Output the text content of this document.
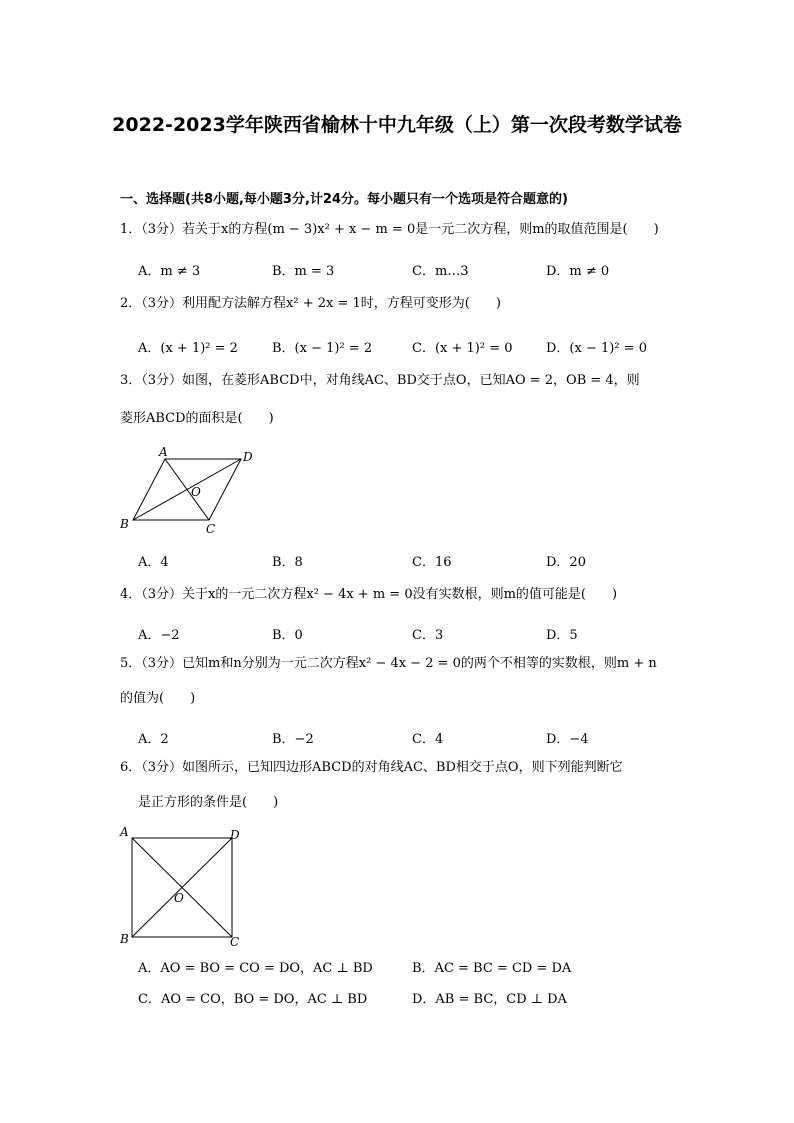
2022-2023学年陕西省榆林十中九年级（上）第一次段考数学试卷
一、选择题(共8小题,每小题3分,计24分。每小题只有一个选项是符合题意的)
1．（3分）若关于x的方程(m − 3)x² + x − m = 0是一元二次方程，则m的取值范围是(　　)
A．m ≠ 3	B．m = 3	C．m…3	D．m ≠ 0
2．（3分）利用配方法解方程x² + 2x = 1时，方程可变形为(　　)
A．(x + 1)² = 2	B．(x − 1)² = 2	C．(x + 1)² = 0	D．(x − 1)² = 0
3．（3分）如图，在菱形ABCD中，对角线AC、BD交于点O，已知AO = 2，OB = 4，则
菱形ABCD的面积是(　　)
A	D
O
B	C
A．4	B．8	C．16	D．20
4．（3分）关于x的一元二次方程x² − 4x + m = 0没有实数根，则m的值可能是(　　)
A．−2	B．0	C．3	D．5
5．（3分）已知m和n分别为一元二次方程x² − 4x − 2 = 0的两个不相等的实数根，则m + n
的值为(　　)
A．2	B．−2	C．4	D．−4
6．（3分）如图所示，已知四边形ABCD的对角线AC、BD相交于点O，则下列能判断它
是正方形的条件是(　　)
A	D
O
B	C
A．AO = BO = CO = DO，AC ⊥ BD	B．AC = BC = CD = DA
C．AO = CO，BO = DO，AC ⊥ BD	D．AB = BC，CD ⊥ DA
